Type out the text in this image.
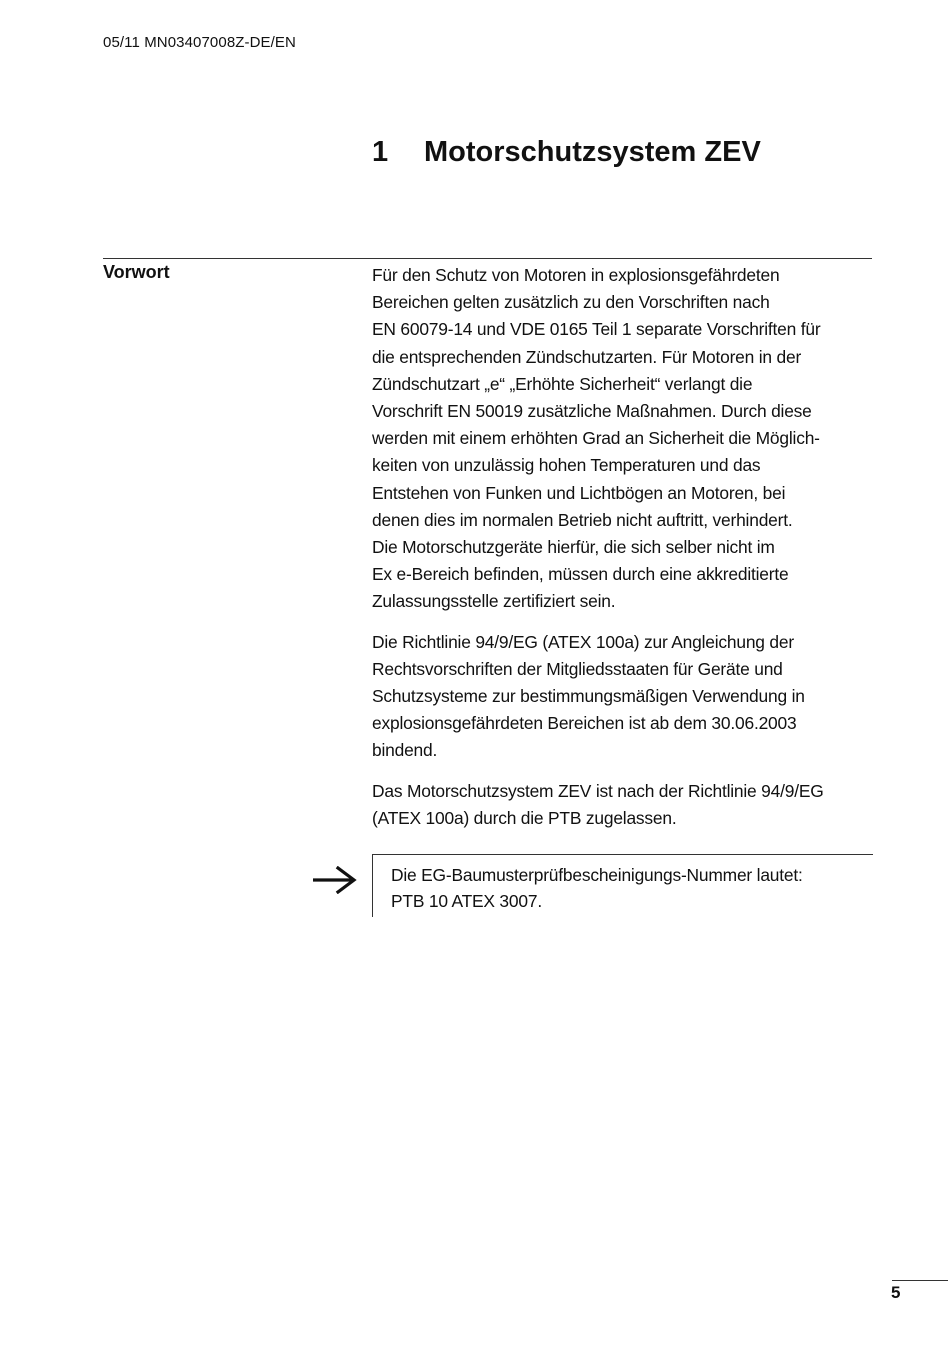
05/11 MN03407008Z-DE/EN
1 Motorschutzsystem ZEV
Vorwort	Für den Schutz von Motoren in explosionsgefährdeten
Bereichen gelten zusätzlich zu den Vorschriften nach
EN 60079-14 und VDE 0165 Teil 1 separate Vorschriften für
die entsprechenden Zündschutzarten. Für Motoren in der
Zündschutzart „e“ „Erhöhte Sicherheit“ verlangt die
Vorschrift EN 50019 zusätzliche Maßnahmen. Durch diese
werden mit einem erhöhten Grad an Sicherheit die Möglich-
keiten von unzulässig hohen Temperaturen und das
Entstehen von Funken und Lichtbögen an Motoren, bei
denen dies im normalen Betrieb nicht auftritt, verhindert.
Die Motorschutzgeräte hierfür, die sich selber nicht im
Ex e-Bereich befinden, müssen durch eine akkreditierte
Zulassungsstelle zertifiziert sein.

Die Richtlinie 94/9/EG (ATEX 100a) zur Angleichung der
Rechtsvorschriften der Mitgliedsstaaten für Geräte und
Schutzsysteme zur bestimmungsmäßigen Verwendung in
explosionsgefährdeten Bereichen ist ab dem 30.06.2003
bindend.

Das Motorschutzsystem ZEV ist nach der Richtlinie 94/9/EG
(ATEX 100a) durch die PTB zugelassen.

Die EG-Baumusterprüfbescheinigungs-Nummer lautet:
PTB 10 ATEX 3007.
5
